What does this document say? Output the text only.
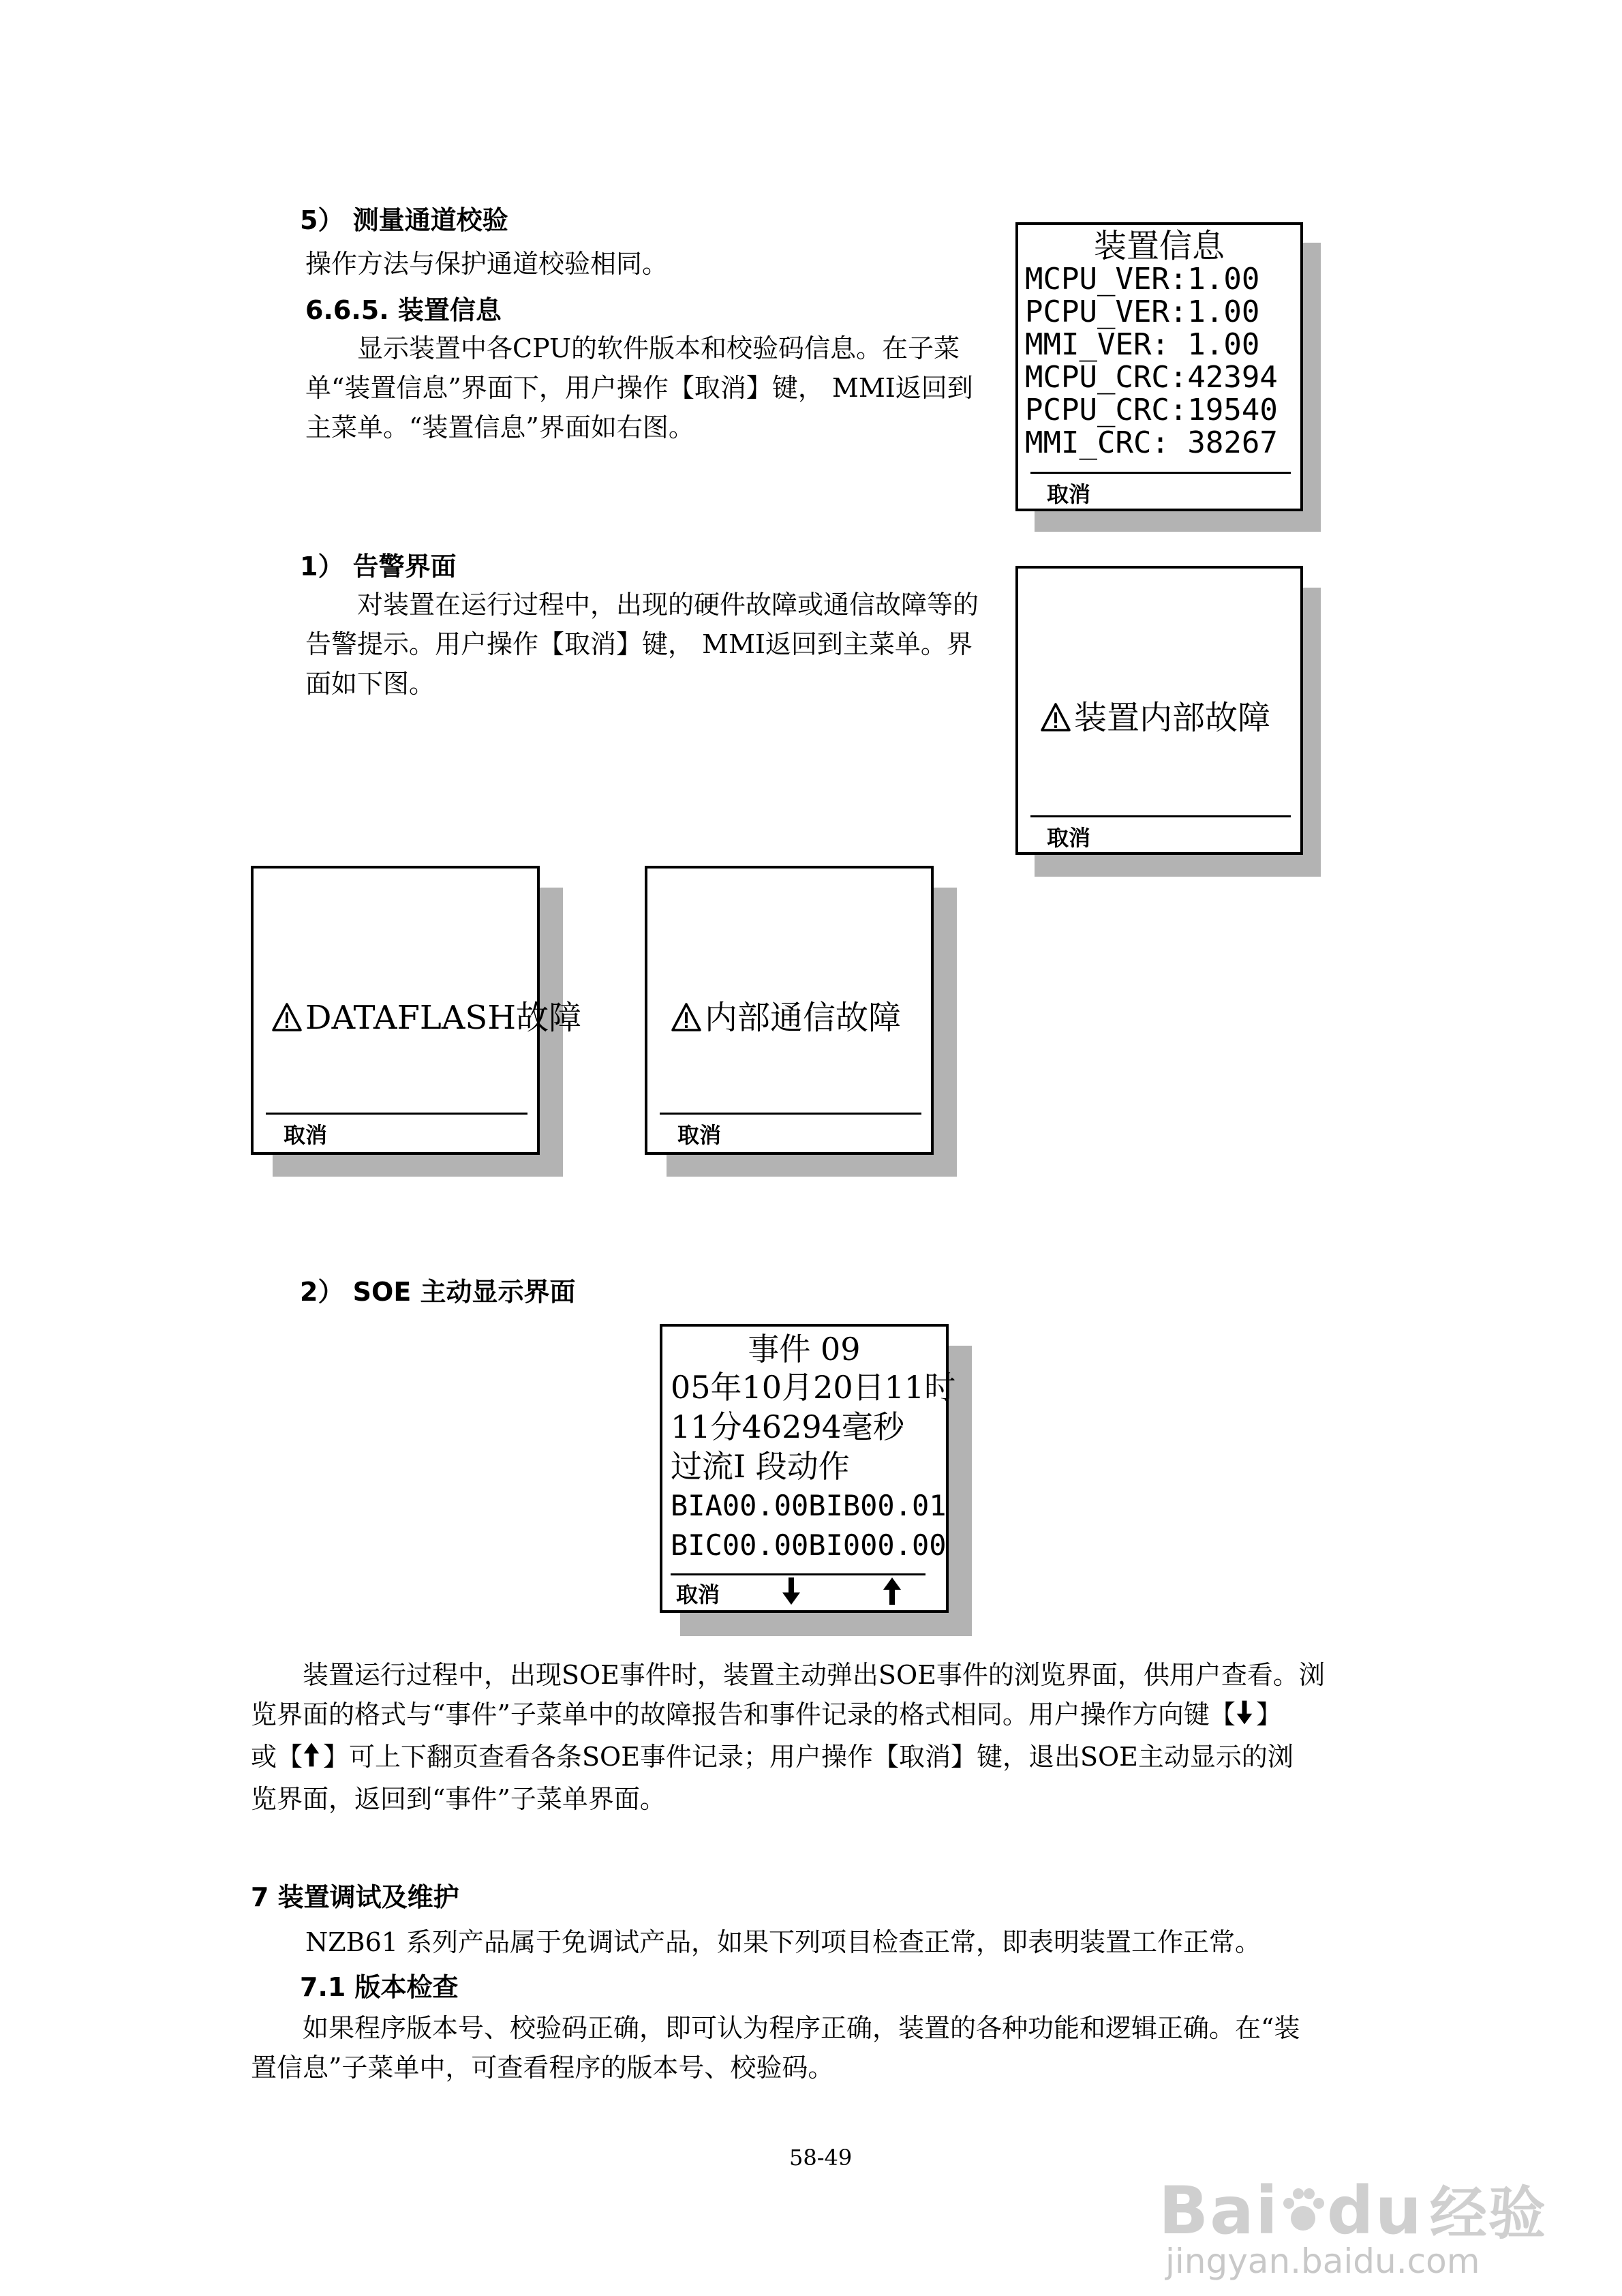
5） 测量通道校验
操作方法与保护通道校验相同。
6.6.5. 装置信息
显示装置中各CPU的软件版本和校验码信息。在子菜单“装置信息”界面下，用户操作【取消】键， MMI返回到主菜单。“装置信息”界面如右图。
装置信息
MCPU_VER:1.00
PCPU_VER:1.00
MMI_VER: 1.00
MCPU_CRC:42394
PCPU_CRC:19540
MMI_CRC: 38267
取消
1） 告警界面
对装置在运行过程中，出现的硬件故障或通信故障等的告警提示。用户操作【取消】键， MMI返回到主菜单。界面如下图。
装置内部故障
取消
DATAFLASH故障
取消
内部通信故障
取消
2） SOE 主动显示界面
事件 09
05年10月20日11时
11分46294毫秒
过流I 段动作
BIA00.00BIB00.01
BIC00.00BI000.00
取消
装置运行过程中，出现SOE事件时，装置主动弹出SOE事件的浏览界面，供用户查看。浏
览界面的格式与“事件”子菜单中的故障报告和事件记录的格式相同。用户操作方向键【 】
或【 】可上下翻页查看各条SOE事件记录；用户操作【取消】键，退出SOE主动显示的浏
览界面，返回到“事件”子菜单界面。
7 装置调试及维护
NZB61 系列产品属于免调试产品，如果下列项目检查正常，即表明装置工作正常。
7.1 版本检查
如果程序版本号、校验码正确，即可认为程序正确，装置的各种功能和逻辑正确。在“装
置信息”子菜单中，可查看程序的版本号、校验码。
58-49
Bai du 经验
jingyan.baidu.com
